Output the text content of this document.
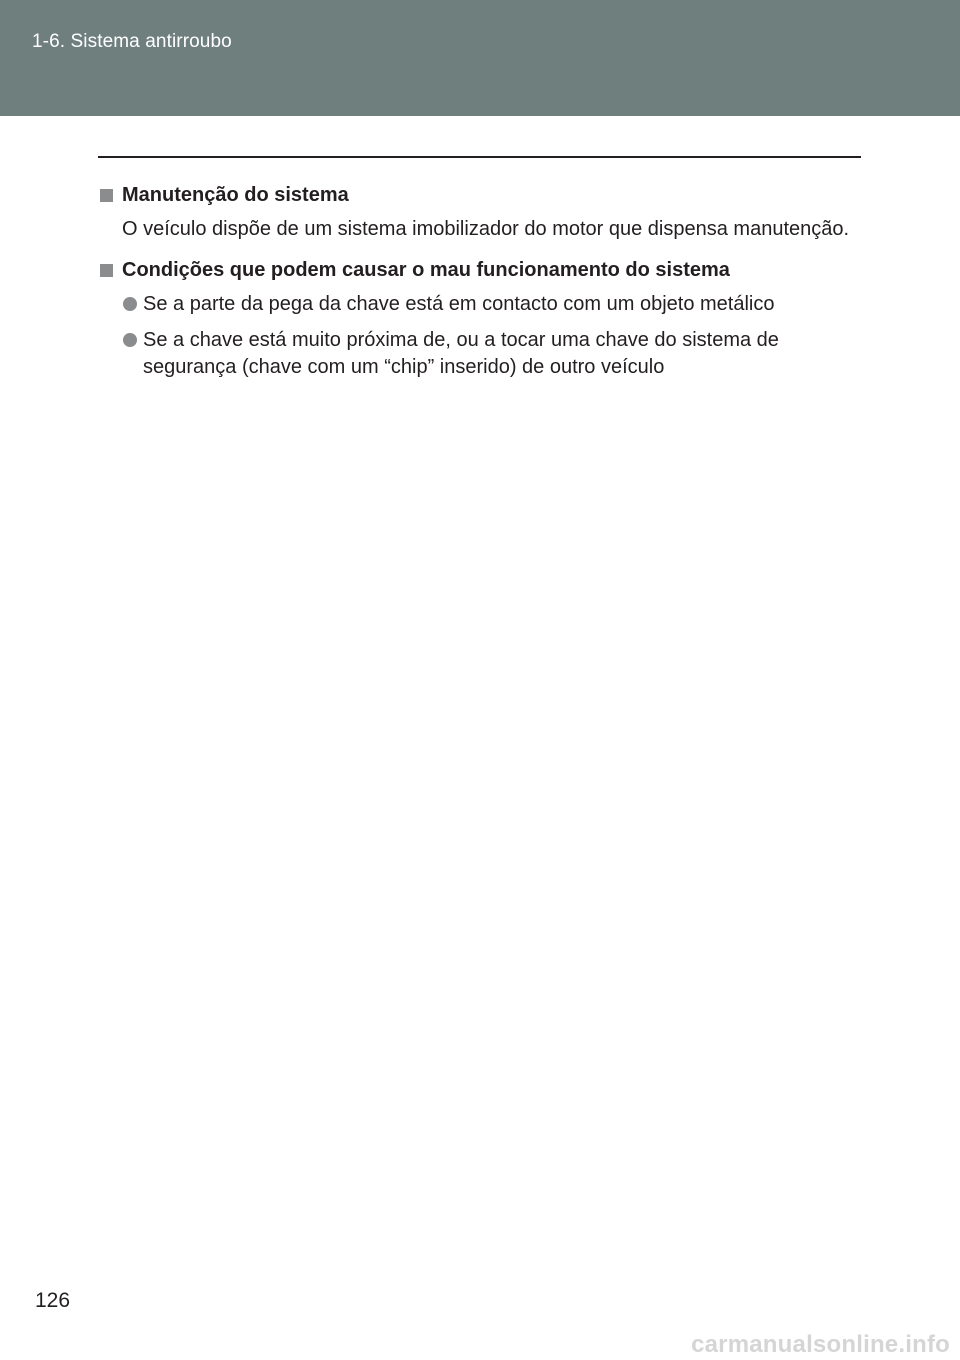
1-6. Sistema antirroubo
Manutenção do sistema

O veículo dispõe de um sistema imobilizador do motor que dispensa manutenção.

Condições que podem causar o mau funcionamento do sistema
Se a parte da pega da chave está em contacto com um objeto metálico
Se a chave está muito próxima de, ou a tocar uma chave do sistema de segurança (chave com um “chip” inserido) de outro veículo
126
carmanualsonline.info
